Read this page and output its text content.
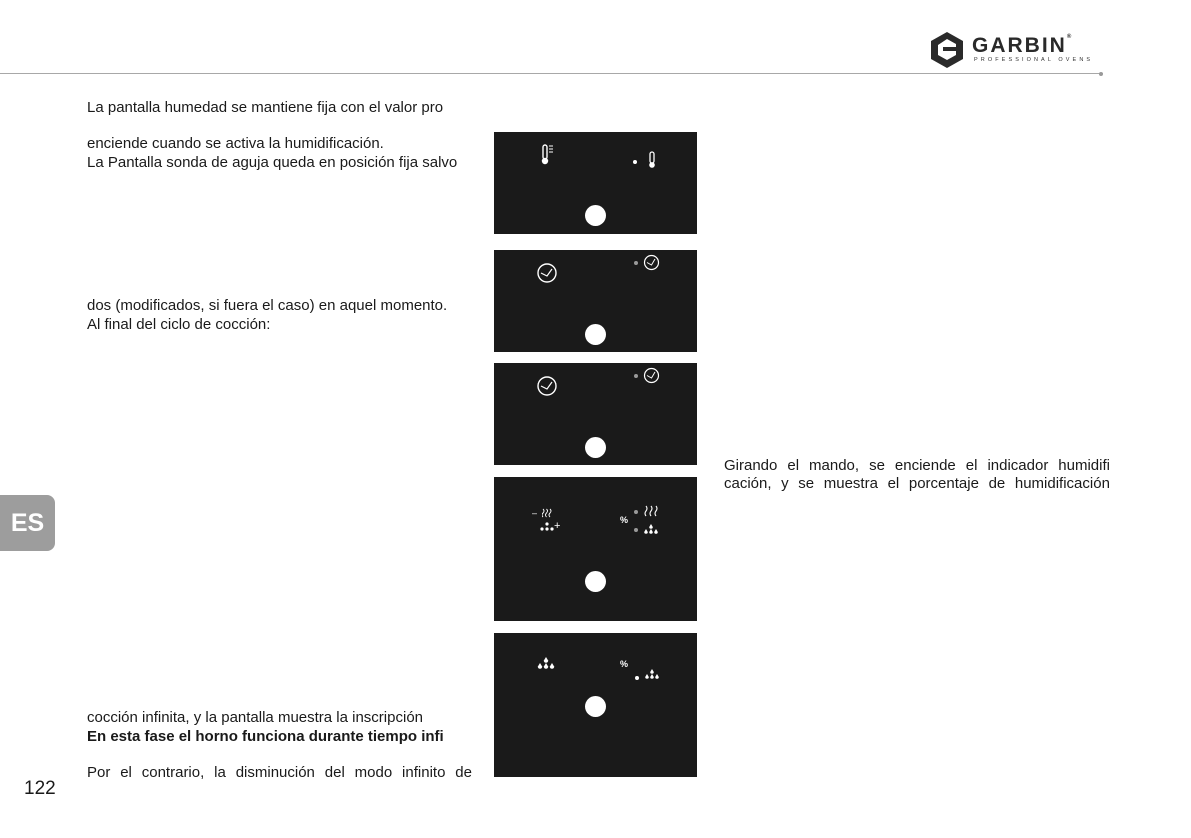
GARBIN®
PROFESSIONAL OVENS
ES
122
La pantalla humedad se mantiene fija con el valor pro
enciende cuando se activa la humidificación.
La Pantalla sonda de aguja queda en posición fija salvo
dos (modificados, si fuera el caso) en aquel momento.
Al final del ciclo de cocción:
cocción infinita, y la pantalla muestra la inscripción
En esta fase el horno funciona durante tiempo infi
Por el contrario, la disminución del modo infinito de
Girando el mando, se enciende el indicador humidifi
cación, y se muestra el porcentaje de humidificación
–
+	%
%
